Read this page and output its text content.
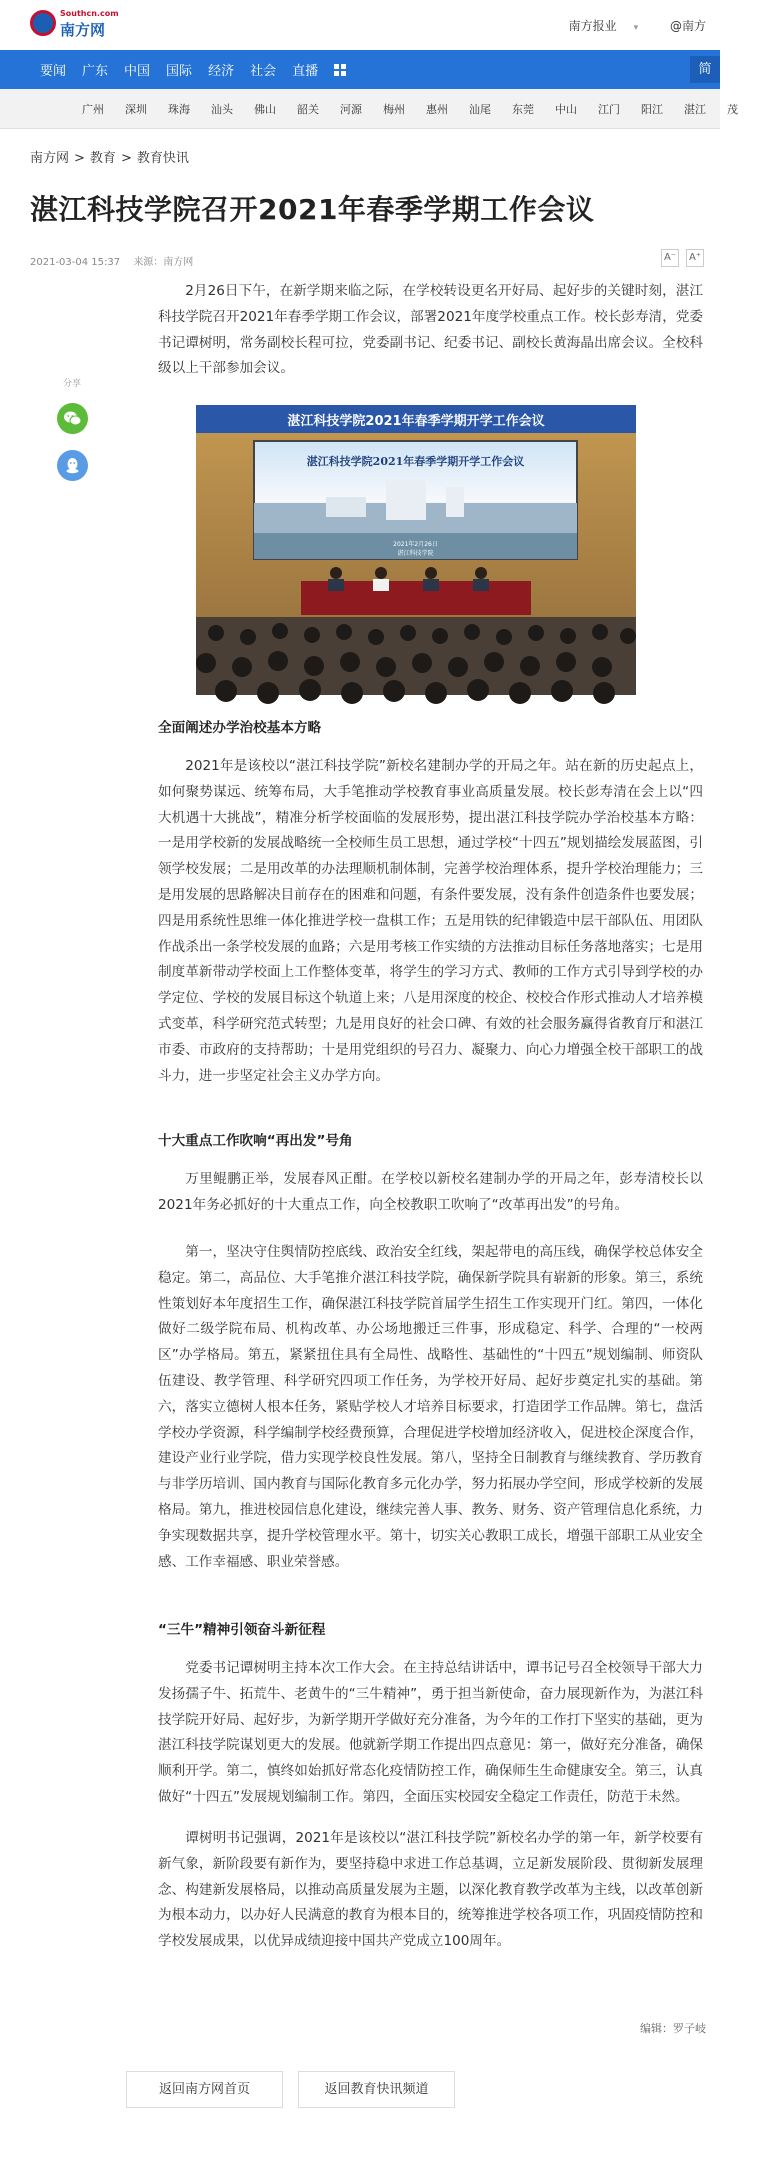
Southcn.com
南方网	南方报业 ▾	@南方
要闻 广东 中国 国际 经济 社会 直播	简
广州 深圳 珠海 汕头 佛山 韶关 河源 梅州 惠州 汕尾 东莞 中山 江门 阳江 湛江 茂
南方网 > 教育 > 教育快讯
湛江科技学院召开2021年春季学期工作会议
2021-03-04 15:37 来源：南方网	A⁻ A⁺
分享

2月26日下午，在新学期来临之际，在学校转设更名开好局、起好步的关键时刻，湛江科技学院召开2021年春季学期工作会议，部署2021年度学校重点工作。校长彭寿清，党委书记谭树明，常务副校长程可拉，党委副书记、纪委书记、副校长黄海晶出席会议。全校科级以上干部参加会议。

湛江科技学院2021年春季学期开学工作会议
湛江科技学院2021年春季学期开学工作会议
2021年2月26日
湛江科技学院
全面阐述办学治校基本方略

2021年是该校以“湛江科技学院”新校名建制办学的开局之年。站在新的历史起点上，如何聚势谋远、统筹布局，大手笔推动学校教育事业高质量发展。校长彭寿清在会上以“四大机遇十大挑战”，精准分析学校面临的发展形势，提出湛江科技学院办学治校基本方略：一是用学校新的发展战略统一全校师生员工思想，通过学校“十四五”规划描绘发展蓝图，引领学校发展；二是用改革的办法理顺机制体制，完善学校治理体系，提升学校治理能力；三是用发展的思路解决目前存在的困难和问题，有条件要发展，没有条件创造条件也要发展；四是用系统性思维一体化推进学校一盘棋工作；五是用铁的纪律锻造中层干部队伍、用团队作战杀出一条学校发展的血路；六是用考核工作实绩的方法推动目标任务落地落实；七是用制度革新带动学校面上工作整体变革，将学生的学习方式、教师的工作方式引导到学校的办学定位、学校的发展目标这个轨道上来；八是用深度的校企、校校合作形式推动人才培养模式变革，科学研究范式转型；九是用良好的社会口碑、有效的社会服务赢得省教育厅和湛江市委、市政府的支持帮助；十是用党组织的号召力、凝聚力、向心力增强全校干部职工的战斗力，进一步坚定社会主义办学方向。

十大重点工作吹响“再出发”号角

万里鲲鹏正举，发展春风正酣。在学校以新校名建制办学的开局之年，彭寿清校长以2021年务必抓好的十大重点工作，向全校教职工吹响了“改革再出发”的号角。

第一，坚决守住舆情防控底线、政治安全红线，架起带电的高压线，确保学校总体安全稳定。第二，高品位、大手笔推介湛江科技学院，确保新学院具有崭新的形象。第三，系统性策划好本年度招生工作，确保湛江科技学院首届学生招生工作实现开门红。第四，一体化做好二级学院布局、机构改革、办公场地搬迁三件事，形成稳定、科学、合理的“一校两区”办学格局。第五，紧紧扭住具有全局性、战略性、基础性的“十四五”规划编制、师资队伍建设、教学管理、科学研究四项工作任务，为学校开好局、起好步奠定扎实的基础。第六，落实立德树人根本任务，紧贴学校人才培养目标要求，打造团学工作品牌。第七，盘活学校办学资源，科学编制学校经费预算，合理促进学校增加经济收入，促进校企深度合作，建设产业行业学院，借力实现学校良性发展。第八，坚持全日制教育与继续教育、学历教育与非学历培训、国内教育与国际化教育多元化办学，努力拓展办学空间，形成学校新的发展格局。第九，推进校园信息化建设，继续完善人事、教务、财务、资产管理信息化系统，力争实现数据共享，提升学校管理水平。第十，切实关心教职工成长，增强干部职工从业安全感、工作幸福感、职业荣誉感。

“三牛”精神引领奋斗新征程

党委书记谭树明主持本次工作大会。在主持总结讲话中，谭书记号召全校领导干部大力发扬孺子牛、拓荒牛、老黄牛的“三牛精神”，勇于担当新使命，奋力展现新作为，为湛江科技学院开好局、起好步，为新学期开学做好充分准备，为今年的工作打下坚实的基础，更为湛江科技学院谋划更大的发展。他就新学期工作提出四点意见：第一，做好充分准备，确保顺利开学。第二，慎终如始抓好常态化疫情防控工作，确保师生生命健康安全。第三，认真做好“十四五”发展规划编制工作。第四，全面压实校园安全稳定工作责任，防范于未然。

谭树明书记强调，2021年是该校以“湛江科技学院”新校名办学的第一年，新学校要有新气象，新阶段要有新作为，要坚持稳中求进工作总基调，立足新发展阶段、贯彻新发展理念、构建新发展格局，以推动高质量发展为主题，以深化教育教学改革为主线，以改革创新为根本动力，以办好人民满意的教育为根本目的，统筹推进学校各项工作，巩固疫情防控和学校发展成果，以优异成绩迎接中国共产党成立100周年。

编辑：罗子岐
返回南方网首页	返回教育快讯频道
